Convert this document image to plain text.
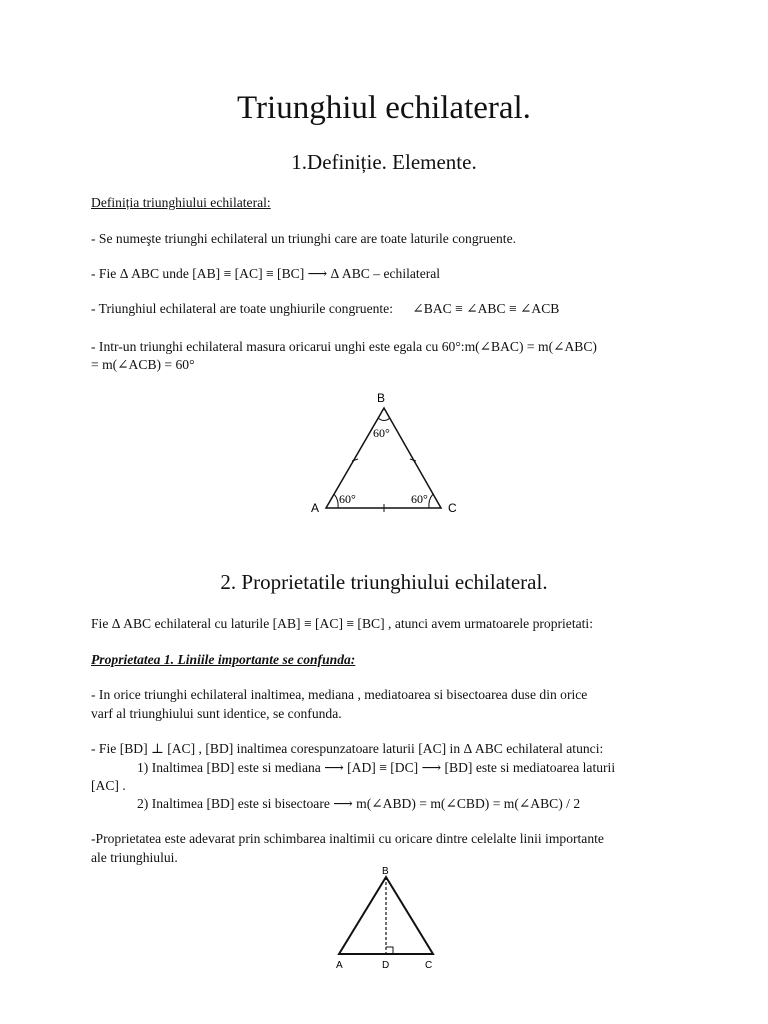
Triunghiul echilateral.
1.Definiție. Elemente.
Definiția triunghiului echilateral:
- Se numeşte triunghi echilateral un triunghi care are toate laturile congruente.
- Fie Δ ABC unde [AB] ≡ [AC] ≡ [BC] ⟶ Δ ABC – echilateral
- Triunghiul echilateral are toate unghiurile congruente: ∠BAC ≡ ∠ABC ≡ ∠ACB
- Intr-un triunghi echilateral masura oricarui unghi este egala cu 60°:m(∠BAC) = m(∠ABC)
= m(∠ACB) = 60°
B
A	C
60°
60°	60°
2. Proprietatile triunghiului echilateral.
Fie Δ ABC echilateral cu laturile [AB] ≡ [AC] ≡ [BC] , atunci avem urmatoarele proprietati:
Proprietatea 1. Liniile importante se confunda:
- In orice triunghi echilateral inaltimea, mediana , mediatoarea si bisectoarea duse din orice
varf al triunghiului sunt identice, se confunda.
- Fie [BD] ⊥ [AC] , [BD] inaltimea corespunzatoare laturii [AC] in Δ ABC echilateral atunci:
1) Inaltimea [BD] este si mediana ⟶ [AD] ≡ [DC] ⟶ [BD] este si mediatoarea laturii
[AC] .
2) Inaltimea [BD] este si bisectoare ⟶ m(∠ABD) = m(∠CBD) = m(∠ABC) / 2
-Proprietatea este adevarat prin schimbarea inaltimii cu oricare dintre celelalte linii importante
ale triunghiului.
B
A	D	C
